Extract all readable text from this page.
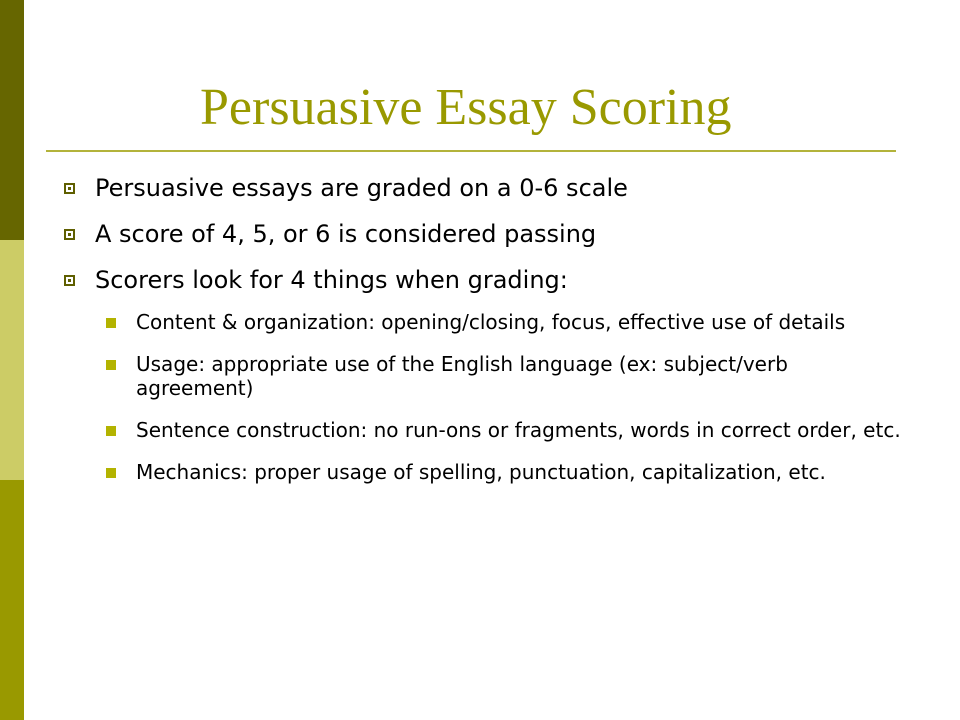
Persuasive Essay Scoring
Persuasive essays are graded on a 0-6 scale
A score of 4, 5, or 6 is considered passing
Scorers look for 4 things when grading:
Content & organization: opening/closing, focus, effective use of details
Usage: appropriate use of the English language (ex: subject/verb agreement)
Sentence construction: no run-ons or fragments, words in correct order, etc.
Mechanics: proper usage of spelling, punctuation, capitalization, etc.
